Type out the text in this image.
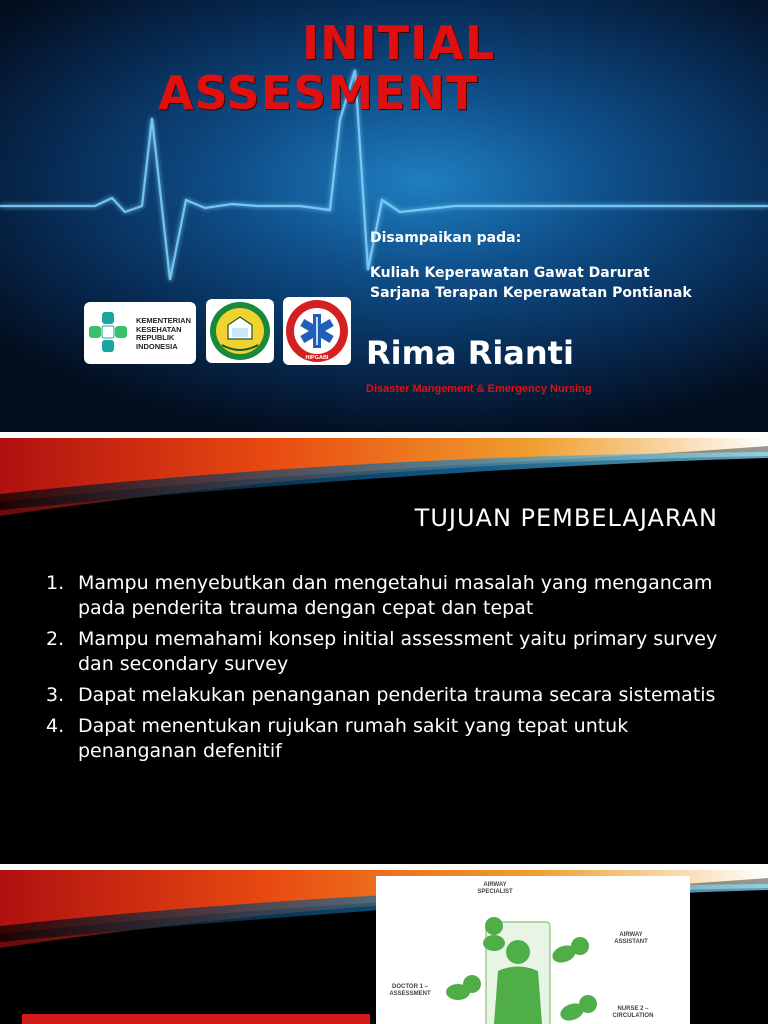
INITIAL
ASSESMENT
Disampaikan pada:
Kuliah Keperawatan Gawat Darurat
Sarjana Terapan Keperawatan Pontianak
KEMENTERIAN
KESEHATAN
REPUBLIK
INDONESIA
HIPGABI Rima Rianti
Disaster Mangement & Emergency Nursing
TUJUAN PEMBELAJARAN
1. Mampu menyebutkan dan mengetahui masalah yang mengancam pada penderita trauma dengan cepat dan tepat
2. Mampu memahami konsep initial assessment yaitu primary survey dan secondary survey
3. Dapat melakukan penanganan penderita trauma secara sistematis
4. Dapat menentukan rujukan rumah sakit yang tepat untuk penanganan defenitif
AIRWAY SPECIALIST
AIRWAY ASSISTANT
DOCTOR 1 – ASSESSMENT
NURSE 2 – CIRCULATION
